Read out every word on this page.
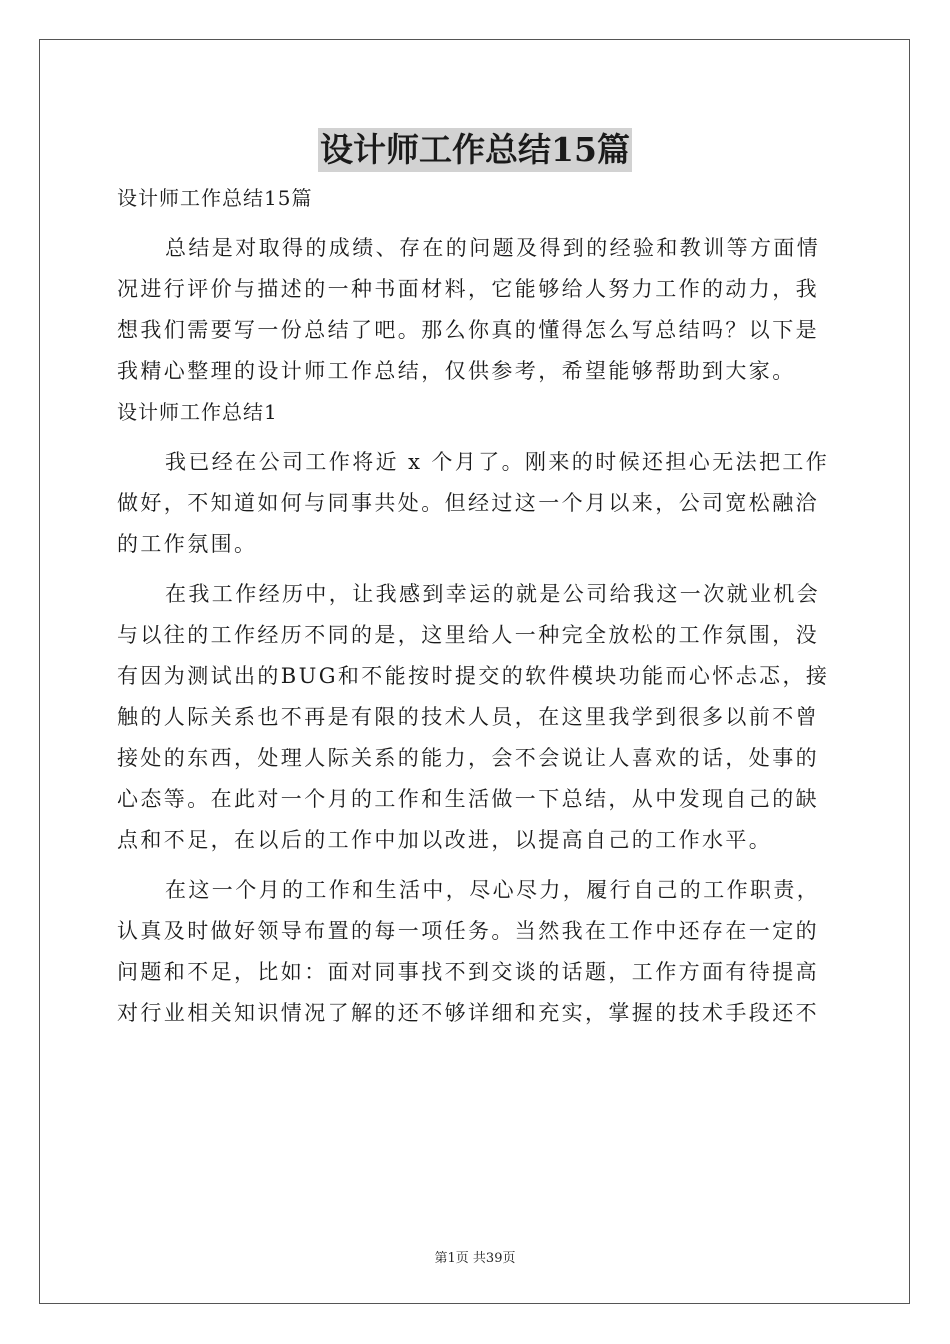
设计师工作总结15篇

设计师工作总结15篇

总结是对取得的成绩、存在的问题及得到的经验和教训等方面情

况进行评价与描述的一种书面材料，它能够给人努力工作的动力，我

想我们需要写一份总结了吧。那么你真的懂得怎么写总结吗？以下是

我精心整理的设计师工作总结，仅供参考，希望能够帮助到大家。

设计师工作总结1

我已经在公司工作将近 x 个月了。刚来的时候还担心无法把工作

做好，不知道如何与同事共处。但经过这一个月以来，公司宽松融洽

的工作氛围。

在我工作经历中，让我感到幸运的就是公司给我这一次就业机会

与以往的工作经历不同的是，这里给人一种完全放松的工作氛围，没

有因为测试出的BUG和不能按时提交的软件模块功能而心怀忐忑，接

触的人际关系也不再是有限的技术人员，在这里我学到很多以前不曾

接处的东西，处理人际关系的能力，会不会说让人喜欢的话，处事的

心态等。在此对一个月的工作和生活做一下总结，从中发现自己的缺

点和不足，在以后的工作中加以改进，以提高自己的工作水平。

在这一个月的工作和生活中，尽心尽力，履行自己的工作职责，

认真及时做好领导布置的每一项任务。当然我在工作中还存在一定的

问题和不足，比如：面对同事找不到交谈的话题，工作方面有待提高

对行业相关知识情况了解的还不够详细和充实，掌握的技术手段还不

第1页 共39页
